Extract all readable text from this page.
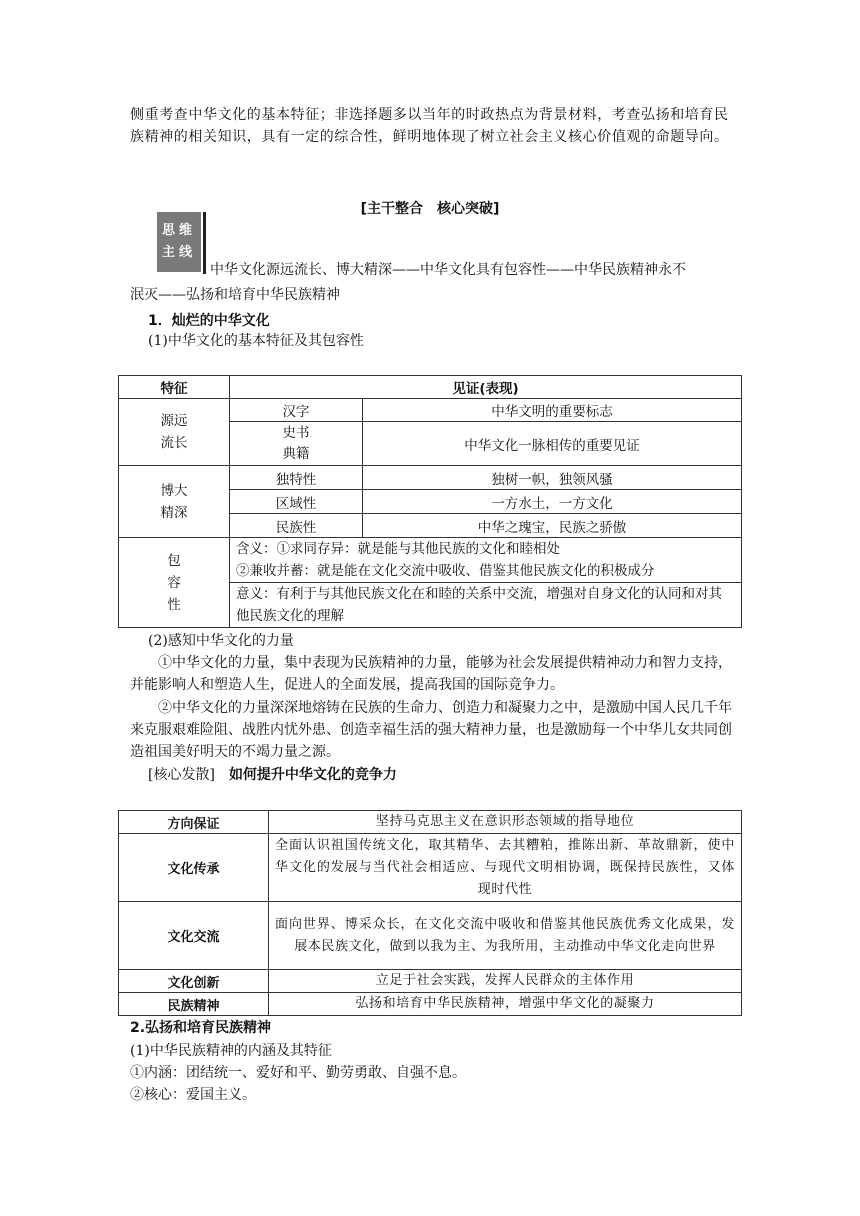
侧重考查中华文化的基本特征；非选择题多以当年的时政热点为背景材料，考查弘扬和培育民族精神的相关知识，具有一定的综合性，鲜明地体现了树立社会主义核心价值观的命题导向。

[主干整合　核心突破]
思维
主线

中华文化源远流长、博大精深——中华文化具有包容性——中华民族精神永不
泯灭——弘扬和培育中华民族精神

1．灿烂的中华文化

(1)中华文化的基本特征及其包容性

特征	见证(表现)	
源远
流长	汉字	中华文明的重要标志
	史书
典籍	中华文化一脉相传的重要见证
博大
精深	独特性	独树一帜，独领风骚
	区域性	一方水土，一方文化
	民族性	中华之瑰宝，民族之骄傲
包
容
性	含义：①求同存异：就是能与其他民族的文化和睦相处
②兼收并蓄：就是能在文化交流中吸收、借鉴其他民族文化的积极成分	
	意义：有利于与其他民族文化在和睦的关系中交流，增强对自身文化的认同和对其他民族文化的理解	

(2)感知中华文化的力量

①中华文化的力量，集中表现为民族精神的力量，能够为社会发展提供精神动力和智力支持，并能影响人和塑造人生，促进人的全面发展，提高我国的国际竞争力。

②中华文化的力量深深地熔铸在民族的生命力、创造力和凝聚力之中，是激励中国人民几千年来克服艰难险阻、战胜内忧外患、创造幸福生活的强大精神力量，也是激励每一个中华儿女共同创造祖国美好明天的不竭力量之源。

[核心发散]　如何提升中华文化的竞争力

方向保证	坚持马克思主义在意识形态领域的指导地位
文化传承	全面认识祖国传统文化，取其精华、去其糟粕，推陈出新、革故鼎新，使中华文化的发展与当代社会相适应、与现代文明相协调，既保持民族性，又体现时代性
文化交流	面向世界、博采众长，在文化交流中吸收和借鉴其他民族优秀文化成果，发展本民族文化，做到以我为主、为我所用，主动推动中华文化走向世界
文化创新	立足于社会实践，发挥人民群众的主体作用
民族精神	弘扬和培育中华民族精神，增强中华文化的凝聚力

2.弘扬和培育民族精神

(1)中华民族精神的内涵及其特征

①内涵：团结统一、爱好和平、勤劳勇敢、自强不息。

②核心：爱国主义。
